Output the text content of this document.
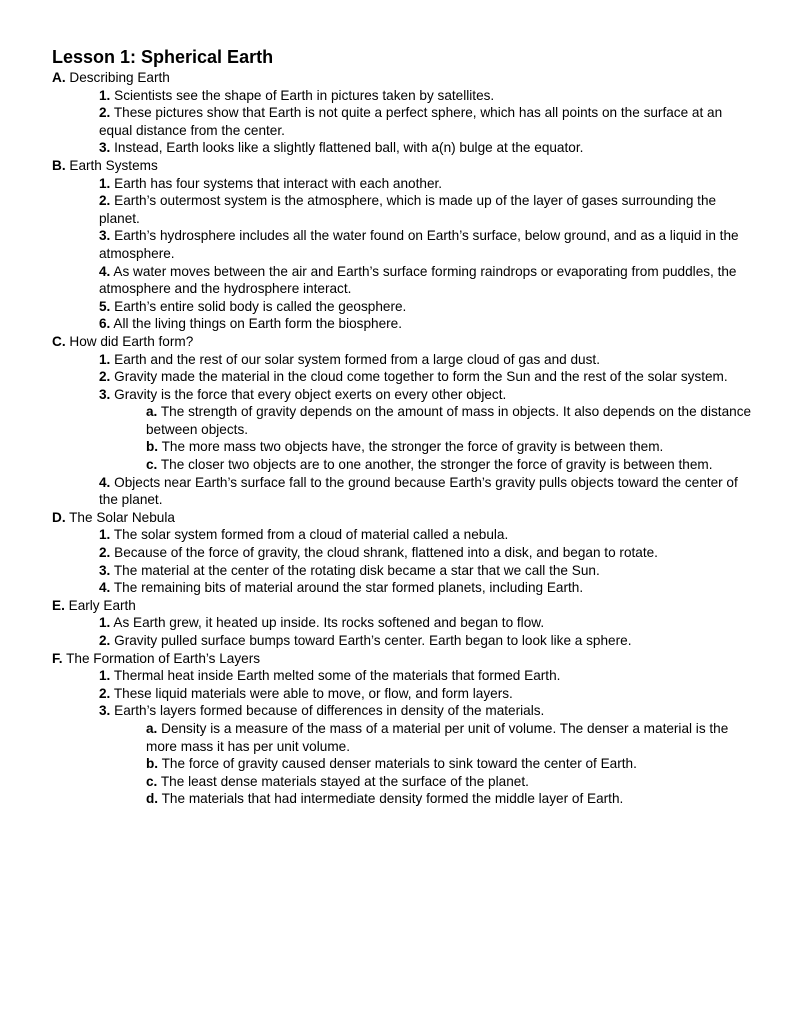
Lesson 1: Spherical Earth
A. Describing Earth
1. Scientists see the shape of Earth in pictures taken by satellites.
2. These pictures show that Earth is not quite a perfect sphere, which has all points on the surface at an equal distance from the center.
3. Instead, Earth looks like a slightly flattened ball, with a(n) bulge at the equator.
B. Earth Systems
1. Earth has four systems that interact with each another.
2. Earth’s outermost system is the atmosphere, which is made up of the layer of gases surrounding the planet.
3. Earth’s hydrosphere includes all the water found on Earth’s surface, below ground, and as a liquid in the atmosphere.
4. As water moves between the air and Earth’s surface forming raindrops or evaporating from puddles, the atmosphere and the hydrosphere interact.
5. Earth’s entire solid body is called the geosphere.
6. All the living things on Earth form the biosphere.
C. How did Earth form?
1. Earth and the rest of our solar system formed from a large cloud of gas and dust.
2. Gravity made the material in the cloud come together to form the Sun and the rest of the solar system.
3. Gravity is the force that every object exerts on every other object.
a. The strength of gravity depends on the amount of mass in objects. It also depends on the distance between objects.
b. The more mass two objects have, the stronger the force of gravity is between them.
c. The closer two objects are to one another, the stronger the force of gravity is between them.
4. Objects near Earth’s surface fall to the ground because Earth’s gravity pulls objects toward the center of the planet.
D. The Solar Nebula
1. The solar system formed from a cloud of material called a nebula.
2. Because of the force of gravity, the cloud shrank, flattened into a disk, and began to rotate.
3. The material at the center of the rotating disk became a star that we call the Sun.
4. The remaining bits of material around the star formed planets, including Earth.
E. Early Earth
1. As Earth grew, it heated up inside. Its rocks softened and began to flow.
2. Gravity pulled surface bumps toward Earth’s center. Earth began to look like a sphere.
F. The Formation of Earth’s Layers
1. Thermal heat inside Earth melted some of the materials that formed Earth.
2. These liquid materials were able to move, or flow, and form layers.
3. Earth’s layers formed because of differences in density of the materials.
a. Density is a measure of the mass of a material per unit of volume. The denser a material is the more mass it has per unit volume.
b. The force of gravity caused denser materials to sink toward the center of Earth.
c. The least dense materials stayed at the surface of the planet.
d. The materials that had intermediate density formed the middle layer of Earth.
